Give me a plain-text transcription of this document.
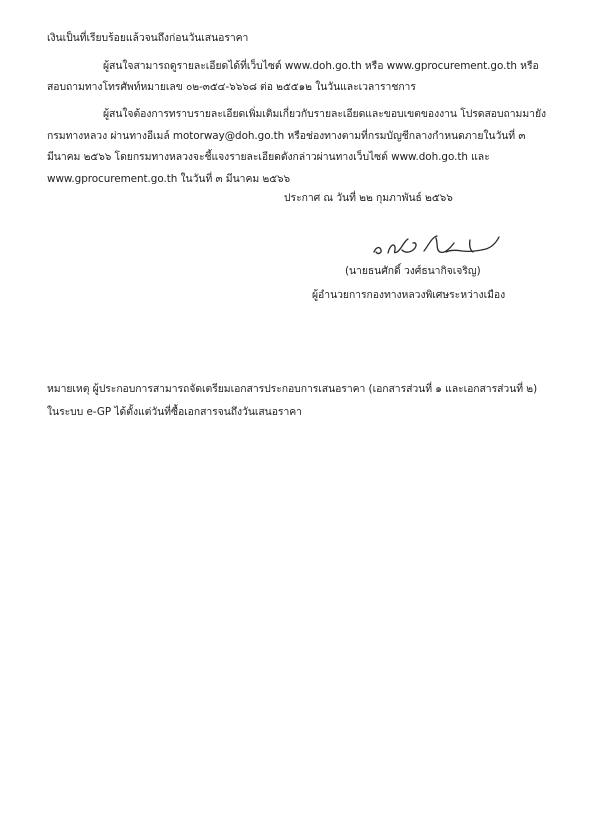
เงินเป็นที่เรียบร้อยแล้วจนถึงก่อนวันเสนอราคา
ผู้สนใจสามารถดูรายละเอียดได้ที่เว็บไซต์ www.doh.go.th หรือ www.gprocurement.go.th หรือ
สอบถามทางโทรศัพท์หมายเลข ๐๒-๓๕๔-๖๖๖๘ ต่อ ๒๕๕๑๒ ในวันและเวลาราชการ
ผู้สนใจต้องการทราบรายละเอียดเพิ่มเติมเกี่ยวกับรายละเอียดและขอบเขตของงาน โปรดสอบถามมายัง
กรมทางหลวง ผ่านทางอีเมล์ motorway@doh.go.th หรือช่องทางตามที่กรมบัญชีกลางกำหนดภายในวันที่ ๓
มีนาคม ๒๕๖๖ โดยกรมทางหลวงจะชี้แจงรายละเอียดดังกล่าวผ่านทางเว็บไซต์ www.doh.go.th และ
www.gprocurement.go.th ในวันที่ ๓ มีนาคม ๒๕๖๖
ประกาศ ณ วันที่ ๒๒ กุมภาพันธ์ ๒๕๖๖
(นายธนศักดิ์ วงศ์ธนากิจเจริญ)
ผู้อำนวยการกองทางหลวงพิเศษระหว่างเมือง
หมายเหตุ ผู้ประกอบการสามารถจัดเตรียมเอกสารประกอบการเสนอราคา (เอกสารส่วนที่ ๑ และเอกสารส่วนที่ ๒)
ในระบบ e-GP ได้ตั้งแต่วันที่ซื้อเอกสารจนถึงวันเสนอราคา
